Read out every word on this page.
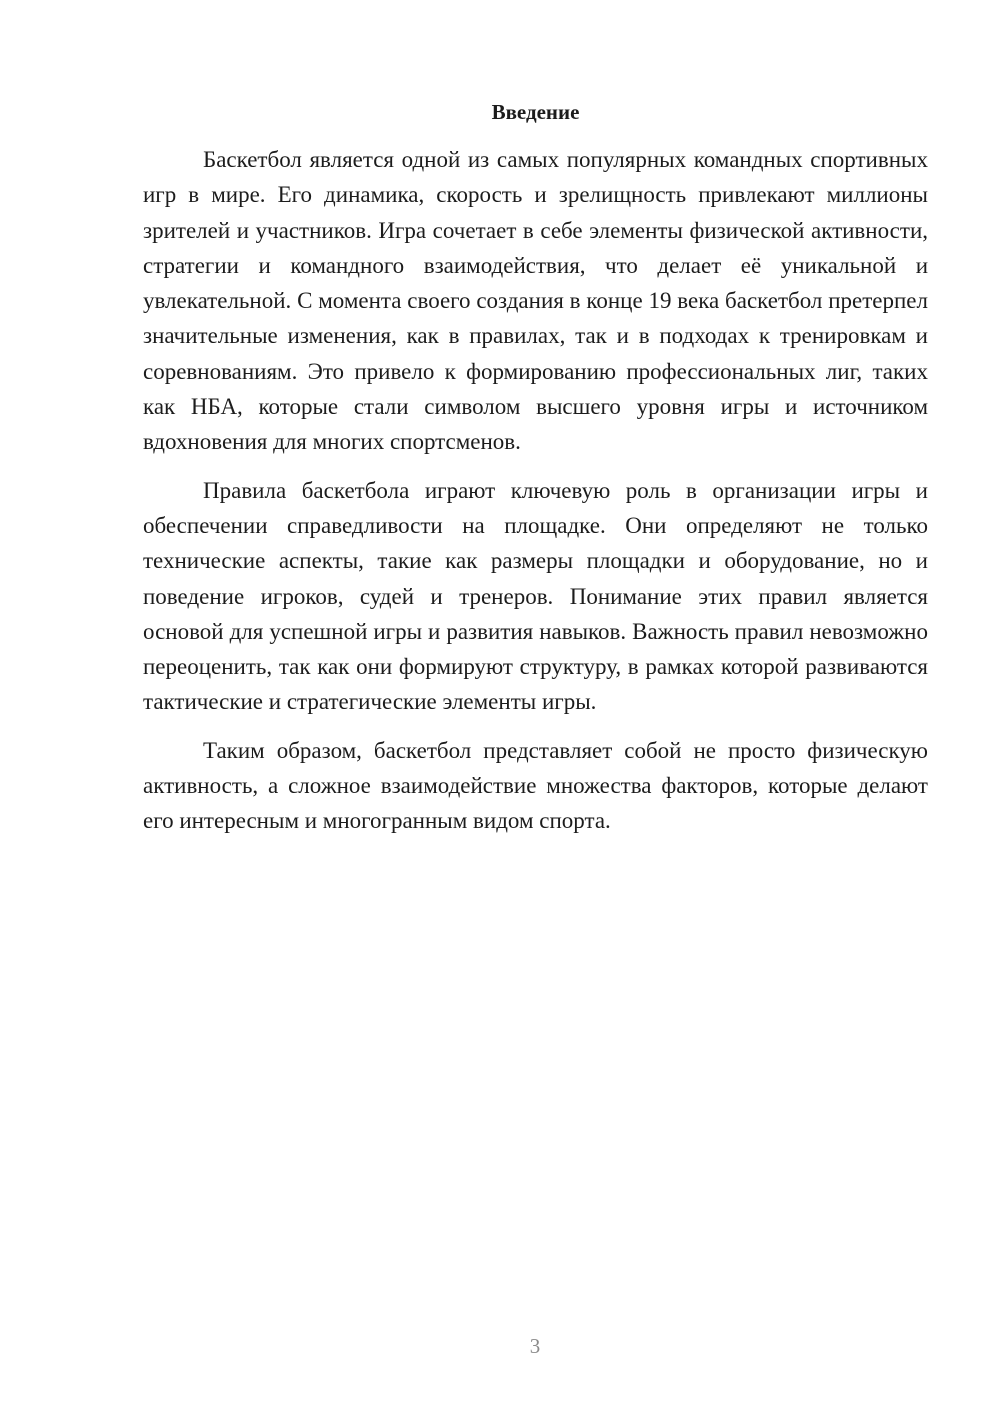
Введение

Баскетбол является одной из самых популярных командных спортивных игр в мире. Его динамика, скорость и зрелищность привлекают миллионы зрителей и участников. Игра сочетает в себе элементы физической активности, стратегии и командного взаимодействия, что делает её уникальной и увлекательной. С момента своего создания в конце 19 века баскетбол претерпел значительные изменения, как в правилах, так и в подходах к тренировкам и соревнованиям. Это привело к формированию профессиональных лиг, таких как НБА, которые стали символом высшего уровня игры и источником вдохновения для многих спортсменов.

Правила баскетбола играют ключевую роль в организации игры и обеспечении справедливости на площадке. Они определяют не только технические аспекты, такие как размеры площадки и оборудование, но и поведение игроков, судей и тренеров. Понимание этих правил является основой для успешной игры и развития навыков. Важность правил невозможно переоценить, так как они формируют структуру, в рамках которой развиваются тактические и стратегические элементы игры.

Таким образом, баскетбол представляет собой не просто физическую активность, а сложное взаимодействие множества факторов, которые делают его интересным и многогранным видом спорта.

3
